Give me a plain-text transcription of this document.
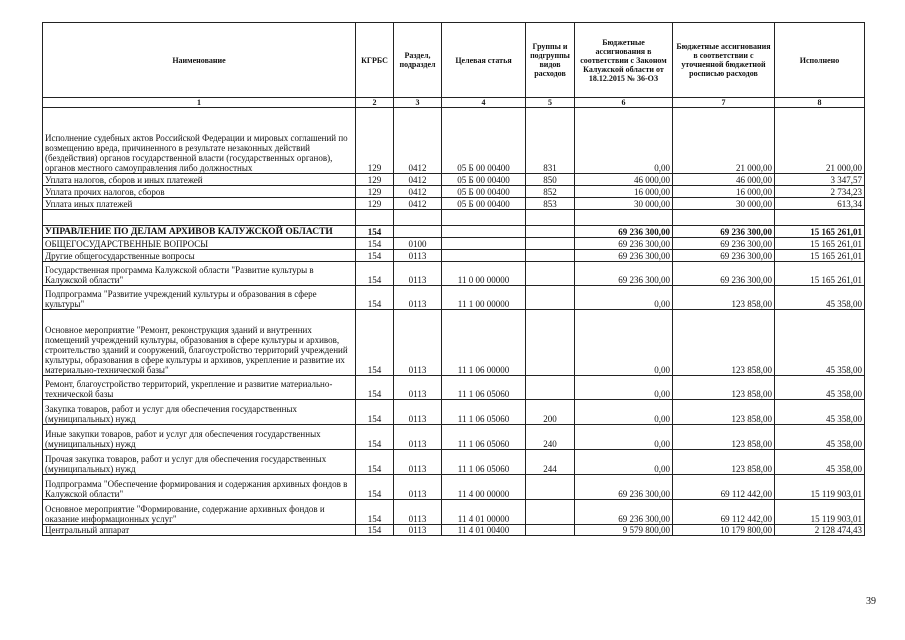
Наименование	КГРБС	Раздел, подраздел	Целевая статья	Группы и подгруппы видов расходов	Бюджетные ассигнования в соответствии с Законом Калужской области от 18.12.2015 № 36-ОЗ	Бюджетные ассигнования в соответствии с уточненной бюджетной росписью расходов	Исполнено
1	2	3	4	5	6	7	8
Исполнение судебных актов Российской Федерации и мировых соглашений по возмещению вреда, причиненного в результате незаконных действий (бездействия) органов государственной власти (государственных органов), органов местного самоуправления либо должностных	129	0412	05 Б 00 00400	831	0,00	21 000,00	21 000,00
Уплата налогов, сборов и иных платежей	129	0412	05 Б 00 00400	850	46 000,00	46 000,00	3 347,57
Уплата прочих налогов, сборов	129	0412	05 Б 00 00400	852	16 000,00	16 000,00	2 734,23
Уплата иных платежей	129	0412	05 Б 00 00400	853	30 000,00	30 000,00	613,34

УПРАВЛЕНИЕ ПО ДЕЛАМ АРХИВОВ КАЛУЖСКОЙ ОБЛАСТИ	154				69 236 300,00	69 236 300,00	15 165 261,01
ОБЩЕГОСУДАРСТВЕННЫЕ ВОПРОСЫ	154	0100			69 236 300,00	69 236 300,00	15 165 261,01
Другие общегосударственные вопросы	154	0113			69 236 300,00	69 236 300,00	15 165 261,01
Государственная программа Калужской области "Развитие культуры в Калужской области"	154	0113	11 0 00 00000		69 236 300,00	69 236 300,00	15 165 261,01
Подпрограмма "Развитие учреждений культуры и образования в сфере культуры"	154	0113	11 1 00 00000		0,00	123 858,00	45 358,00
Основное мероприятие "Ремонт, реконструкция зданий и внутренних помещений учреждений культуры, образования в сфере культуры и архивов, строительство зданий и сооружений, благоустройство территорий учреждений культуры, образования в сфере культуры и архивов, укрепление и развитие их материально-технической базы"	154	0113	11 1 06 00000		0,00	123 858,00	45 358,00
Ремонт, благоустройство территорий, укрепление и развитие материально-технической базы	154	0113	11 1 06 05060		0,00	123 858,00	45 358,00
Закупка товаров, работ и услуг для обеспечения государственных (муниципальных) нужд	154	0113	11 1 06 05060	200	0,00	123 858,00	45 358,00
Иные закупки товаров, работ и услуг для обеспечения государственных (муниципальных) нужд	154	0113	11 1 06 05060	240	0,00	123 858,00	45 358,00
Прочая закупка товаров, работ и услуг для обеспечения государственных (муниципальных) нужд	154	0113	11 1 06 05060	244	0,00	123 858,00	45 358,00
Подпрограмма "Обеспечение формирования и содержания архивных фондов в Калужской области"	154	0113	11 4 00 00000		69 236 300,00	69 112 442,00	15 119 903,01
Основное мероприятие "Формирование, содержание архивных фондов и оказание информационных услуг"	154	0113	11 4 01 00000		69 236 300,00	69 112 442,00	15 119 903,01
Центральный аппарат	154	0113	11 4 01 00400		9 579 800,00	10 179 800,00	2 128 474,43
39
